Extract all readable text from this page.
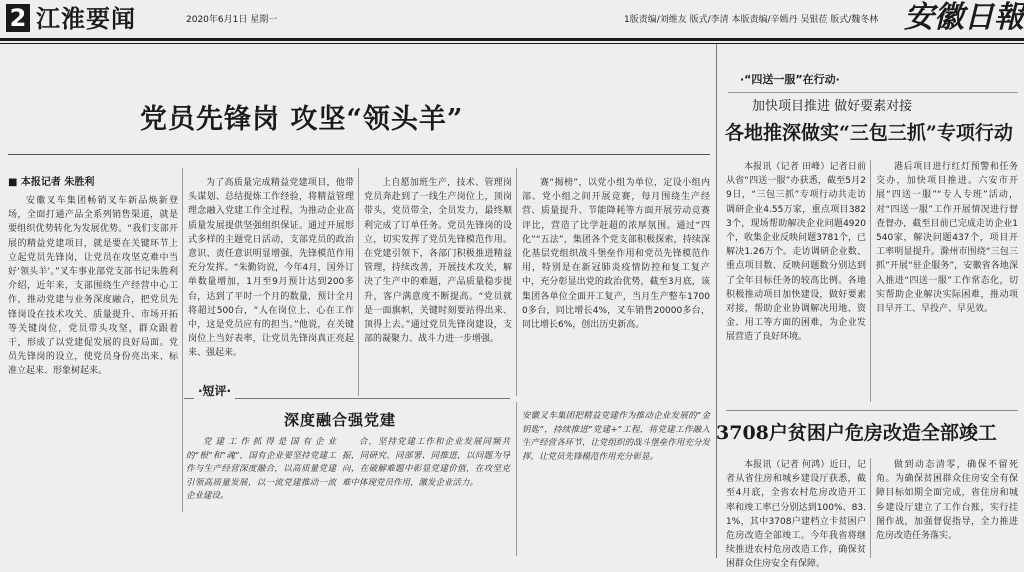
2 江淮要闻	2020年6月1日 星期一	1版责编/刘维友 版式/李清 本版责编/辛嫣丹 吴银莅 版式/魏冬林 安徽日報
党员先锋岗 攻坚“领头羊”
■ 本报记者 朱胜利
安徽叉车集团畅销叉车新品焕新登场，全面打通产品全系列销售渠道，就是要组织优势转化为发展优势。“我们支部开展的精益党建项目，就是要在关键环节上立起党员先锋岗，让党员在攻坚克难中当好‘领头羊’。”叉车事业部党支部书记朱胜利介绍，近年来，支部围绕生产经营中心工作，推动党建与业务深度融合，把党员先锋岗设在技术攻关、质量提升、市场开拓等关键岗位，党员带头攻坚，群众跟着干，形成了以党建促发展的良好局面。党员先锋岗的设立，使党员身份亮出来、标准立起来、形象树起来。
为了高质量完成精益党建项目，他带头谋划、总结提炼工作经验，将精益管理理念融入党建工作全过程，为推动企业高质量发展提供坚强组织保证。通过开展形式多样的主题党日活动，支部党员的政治意识、责任意识明显增强，先锋模范作用充分发挥。“朱勤钧说，今年4月，国外订单数量增加，1月至9月预计达到200多台，达到了平时一个月的数量，预计全月将超过500台，“人在岗位上、心在工作中，这是党员应有的担当。”他说，在关键岗位上当好表率，让党员先锋岗真正亮起来、强起来。
上自愿加班生产，技术、管理岗党员奔赴到了一线生产岗位上，顶岗带头，党员带全，全员发力，最终顺利完成了订单任务。党员先锋岗的设立，切实发挥了党员先锋模范作用。在党建引领下，各部门积极推进精益管理，持续改善，开展技术攻关，解决了生产中的难题，产品质量稳步提升，客户满意度不断提高。“党员就是一面旗帜，关键时刻要站得出来、顶得上去。”通过党员先锋岗建设，支部的凝聚力、战斗力进一步增强。
赛“揭榜”，以党小组为单位，定设小组内部、党小组之间开展竞赛，每月围绕生产经营、质量提升、节能降耗等方面开展劳动竞赛评比，营造了比学赶超的浓厚氛围。通过“四化”“五法”，集团各个党支部积极探索，持续深化基层党组织战斗堡垒作用和党员先锋模范作用，特别是在新冠肺炎疫情防控和复工复产中，充分彰显出党的政治优势，截至3月底，该集团各单位全面开工复产，当月生产整车17000多台，同比增长4%，叉车销售20000多台，同比增长6%，创出历史新高。
·短评·
深度融合强党建
党建工作抓得是国有企业的“根”和“魂”，国有企业要坚持党建工作与生产经营深度融合，以高质量党建引领高质量发展，以一流党建推动一流企业建设。
合，坚持党建工作和企业发展同频共振，同研究、同部署、同推进，以问题为导向，在破解难题中彰显党建价值，在攻坚克难中体现党员作用，激发企业活力。
安徽叉车集团把精益党建作为推动企业发展的“金钥匙”，持续推进“党建+”工程，将党建工作融入生产经营各环节，让党组织的战斗堡垒作用充分发挥，让党员先锋模范作用充分彰显。
·“四送一服”在行动·
加快项目推进 做好要素对接
各地推深做实“三包三抓”专项行动
本报讯（记者 田峰）记者日前从省“四送一服”办获悉，截至5月29日，“三包三抓”专项行动共走访调研企业4.55万家，重点项目3823个，现场帮助解决企业问题4920个，收集企业反映问题3781个，已解决1.26万个。走访调研企业数、重点项目数、反映问题数分别达到了全年目标任务的较高比例。各地积极推动项目加快建设，做好要素对接，帮助企业协调解决用地、资金、用工等方面的困难，为企业发展营造了良好环境。
港后项目进行红灯预警和任务交办，加快项目推进。六安市开展“四送一服”“专人专班”活动，对“四送一服”工作开展情况进行督查督办，截至目前已完成走访企业1540家，解决问题437个，项目开工率明显提升。滁州市围绕“三包三抓”开展“驻企服务”，安徽省各地深入推进“四送一服”工作常态化，切实帮助企业解决实际困难，推动项目早开工、早投产、早见效。
3708户贫困户危房改造全部竣工
本报讯（记者 何鸿）近日，记者从省住房和城乡建设厅获悉，截至4月底，全省农村危房改造开工率和竣工率已分别达到100%、83.1%，其中3708户建档立卡贫困户危房改造全部竣工。今年我省将继续推进农村危房改造工作，确保贫困群众住房安全有保障。
做到动态清零，确保不留死角。为确保贫困群众住房安全有保障目标如期全面完成，省住房和城乡建设厅建立了工作台账，实行挂图作战，加强督促指导，全力推进危房改造任务落实。
